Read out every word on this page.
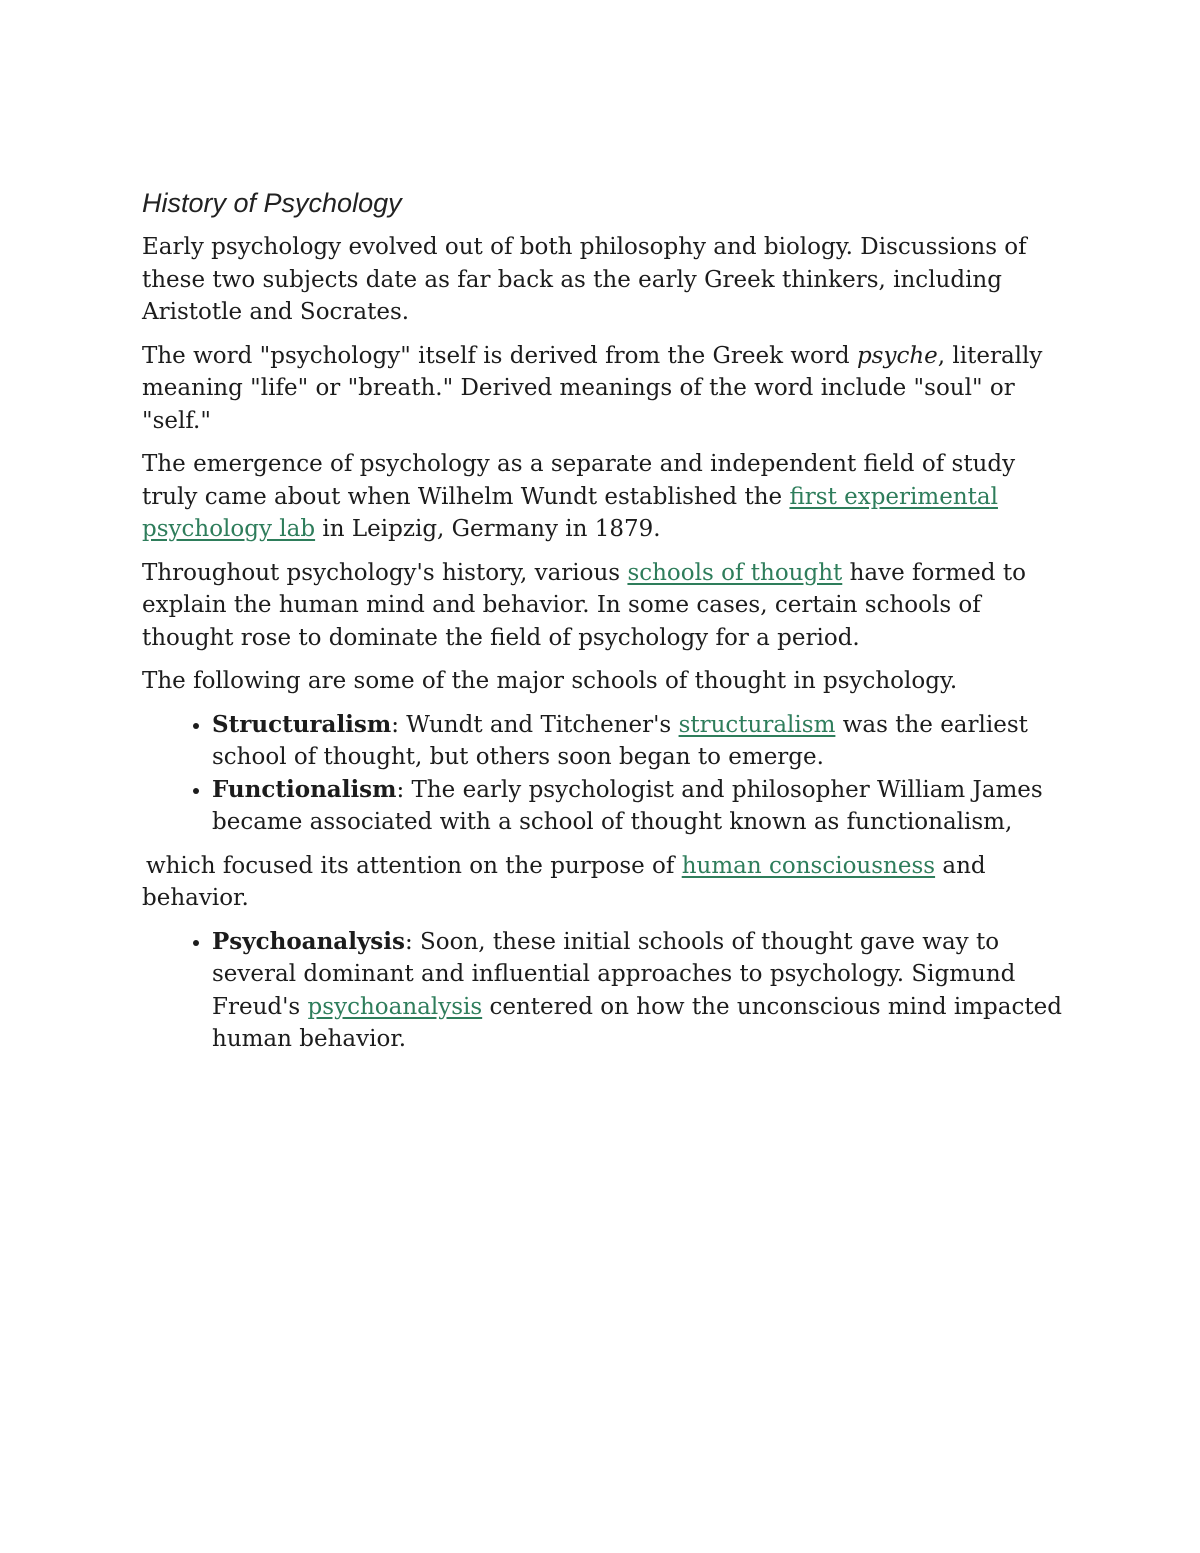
History of Psychology

Early psychology evolved out of both philosophy and biology. Discussions of these two subjects date as far back as the early Greek thinkers, including Aristotle and Socrates.

The word "psychology" itself is derived from the Greek word psyche, literally meaning "life" or "breath." Derived meanings of the word include "soul" or "self."

The emergence of psychology as a separate and independent field of study truly came about when Wilhelm Wundt established the first experimental psychology lab in Leipzig, Germany in 1879.

Throughout psychology's history, various schools of thought have formed to explain the human mind and behavior. In some cases, certain schools of thought rose to dominate the field of psychology for a period.

The following are some of the major schools of thought in psychology.

• Structuralism: Wundt and Titchener's structuralism was the earliest school of thought, but others soon began to emerge.
• Functionalism: The early psychologist and philosopher William James became associated with a school of thought known as functionalism,

which focused its attention on the purpose of human consciousness and behavior.

• Psychoanalysis: Soon, these initial schools of thought gave way to several dominant and influential approaches to psychology. Sigmund Freud's psychoanalysis centered on how the unconscious mind impacted human behavior.
